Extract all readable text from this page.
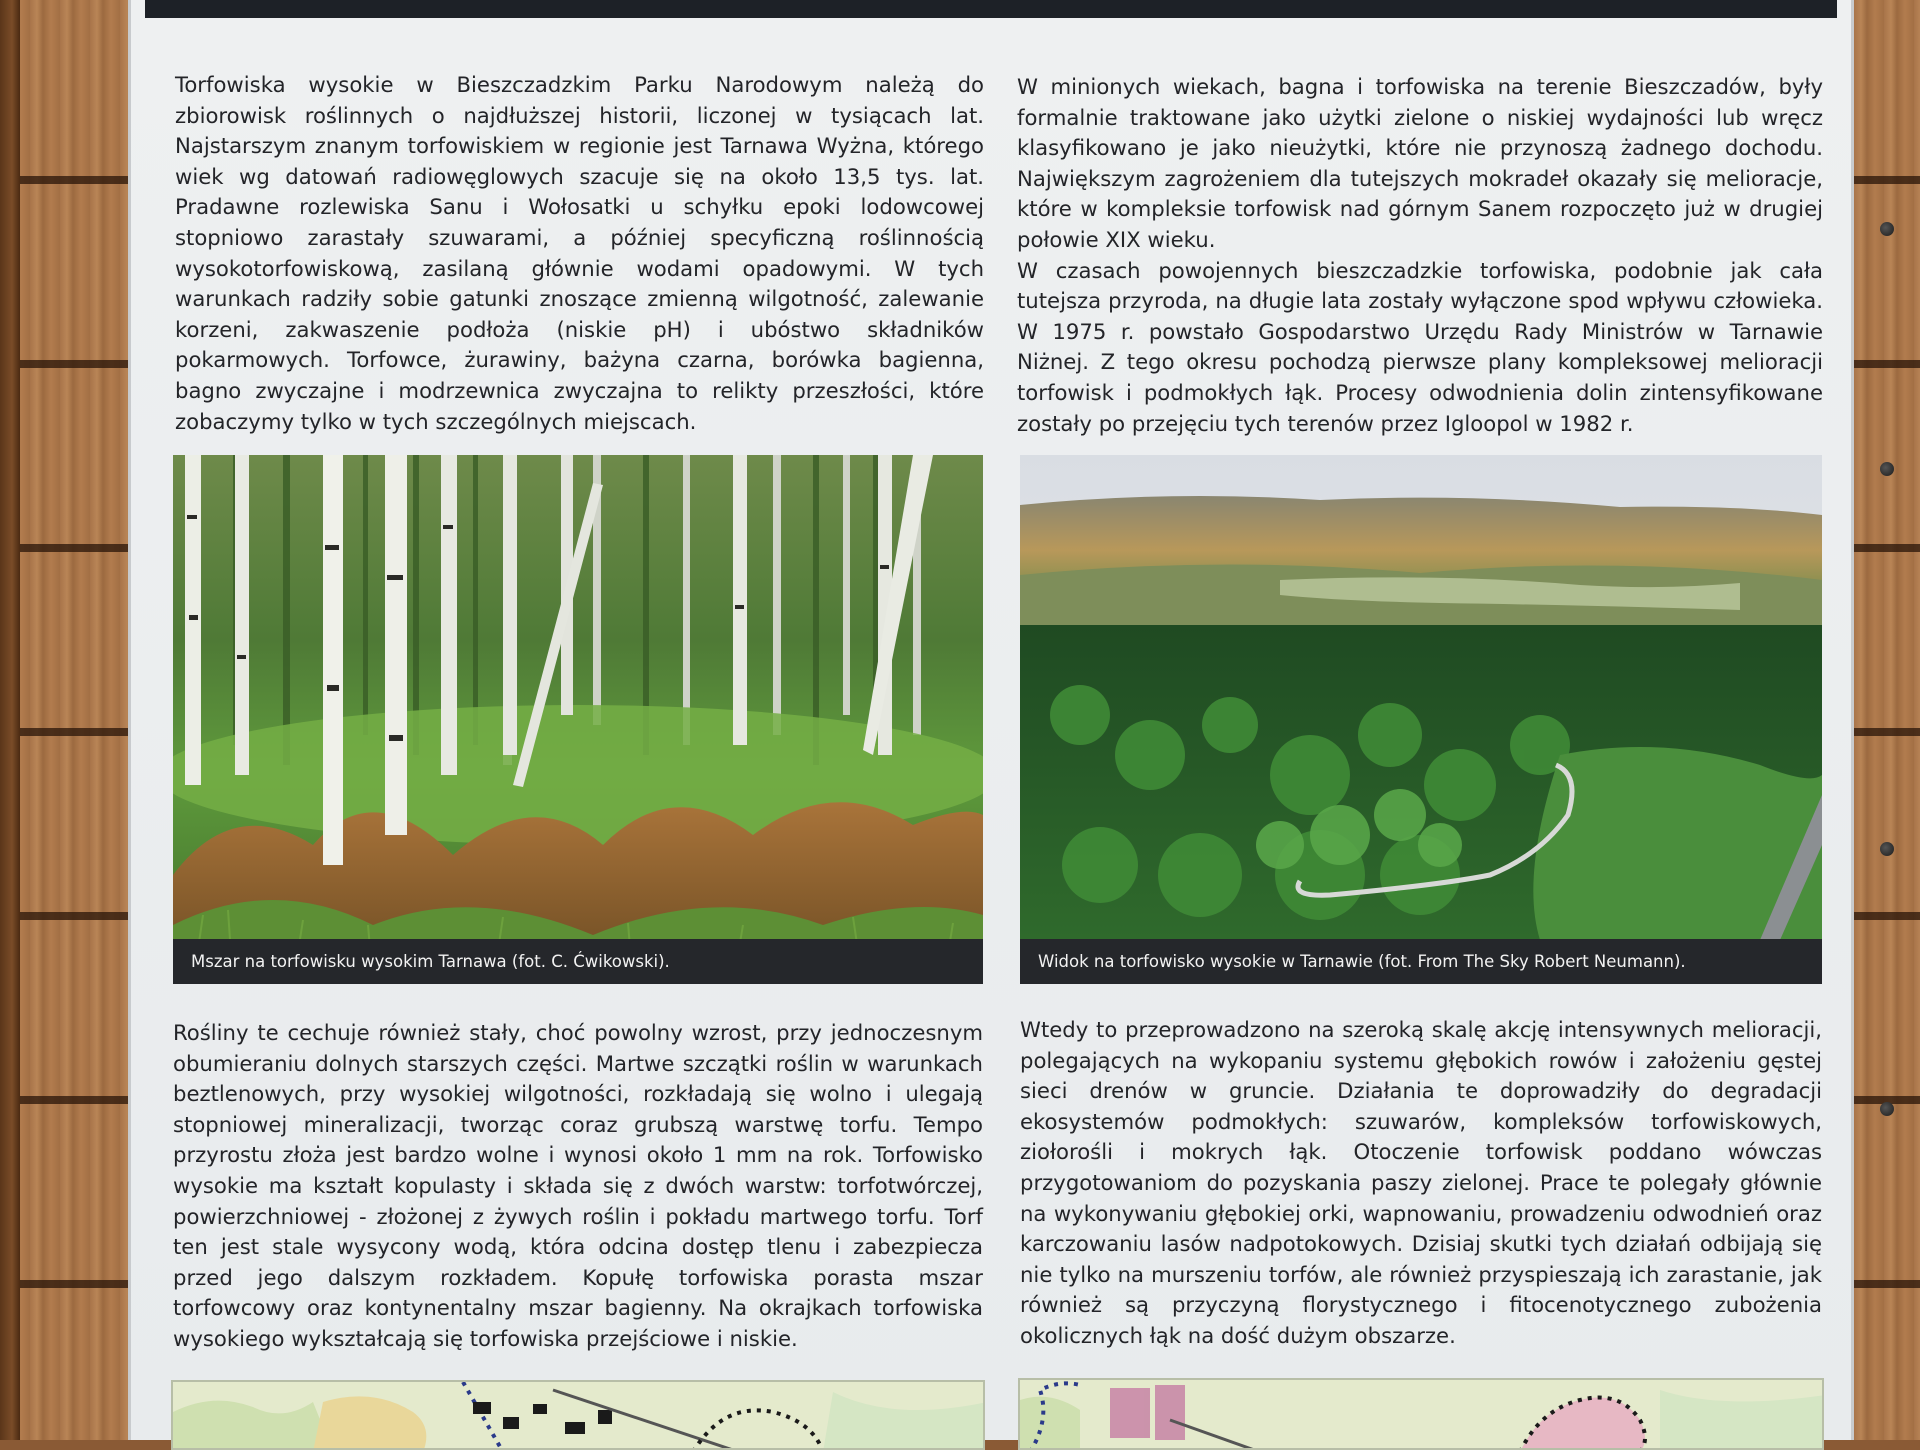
Torfowiska wysokie w Bieszczadzkim Parku Narodowym należą do zbiorowisk roślinnych o najdłuższej historii, liczonej w tysiącach lat. Najstarszym znanym torfowiskiem w regionie jest Tarnawa Wyżna, którego wiek wg datowań radiowęglowych szacuje się na około 13,5 tys. lat. Pradawne rozlewiska Sanu i Wołosatki u schyłku epoki lodowcowej stopniowo zarastały szuwarami, a później specyficzną roślinnością wysokotorfowiskową, zasilaną głównie wodami opadowymi. W tych warunkach radziły sobie gatunki znoszące zmienną wilgotność, zalewanie korzeni, zakwaszenie podłoża (niskie pH) i ubóstwo składników pokarmowych. Torfowce, żurawiny, bażyna czarna, borówka bagienna, bagno zwyczajne i modrzewnica zwyczajna to relikty przeszłości, które zobaczymy tylko w tych szczególnych miejscach.

W minionych wiekach, bagna i torfowiska na terenie Bieszczadów, były formalnie traktowane jako użytki zielone o niskiej wydajności lub wręcz klasyfikowano je jako nieużytki, które nie przynoszą żadnego dochodu. Największym zagrożeniem dla tutejszych mokradeł okazały się melioracje, które w kompleksie torfowisk nad górnym Sanem rozpoczęto już w drugiej połowie XIX wieku.

W czasach powojennych bieszczadzkie torfowiska, podobnie jak cała tutejsza przyroda, na długie lata zostały wyłączone spod wpływu człowieka. W 1975 r. powstało Gospodarstwo Urzędu Rady Ministrów w Tarnawie Niżnej. Z tego okresu pochodzą pierwsze plany kompleksowej melioracji torfowisk i podmokłych łąk. Procesy odwodnienia dolin zintensyfikowane zostały po przejęciu tych terenów przez Igloopol w 1982 r.

Mszar na torfowisku wysokim Tarnawa (fot. C. Ćwikowski).	Widok na torfowisko wysokie w Tarnawie (fot. From The Sky Robert Neumann).

Rośliny te cechuje również stały, choć powolny wzrost, przy jednoczesnym obumieraniu dolnych starszych części. Martwe szczątki roślin w warunkach beztlenowych, przy wysokiej wilgotności, rozkładają się wolno i ulegają stopniowej mineralizacji, tworząc coraz grubszą warstwę torfu. Tempo przyrostu złoża jest bardzo wolne i wynosi około 1 mm na rok. Torfowisko wysokie ma kształt kopulasty i składa się z dwóch warstw: torfotwórczej, powierzchniowej - złożonej z żywych roślin i pokładu martwego torfu. Torf ten jest stale wysycony wodą, która odcina dostęp tlenu i zabezpiecza przed jego dalszym rozkładem. Kopułę torfowiska porasta mszar torfowcowy oraz kontynentalny mszar bagienny. Na okrajkach torfowiska wysokiego wykształcają się torfowiska przejściowe i niskie.

Wtedy to przeprowadzono na szeroką skalę akcję intensywnych melioracji, polegających na wykopaniu systemu głębokich rowów i założeniu gęstej sieci drenów w gruncie. Działania te doprowadziły do degradacji ekosystemów podmokłych: szuwarów, kompleksów torfowiskowych, ziołorośli i mokrych łąk. Otoczenie torfowisk poddano wówczas przygotowaniom do pozyskania paszy zielonej. Prace te polegały głównie na wykonywaniu głębokiej orki, wapnowaniu, prowadzeniu odwodnień oraz karczowaniu lasów nadpotokowych. Dzisiaj skutki tych działań odbijają się nie tylko na murszeniu torfów, ale również przyspieszają ich zarastanie, jak również są przyczyną florystycznego i fitocenotycznego zubożenia okolicznych łąk na dość dużym obszarze.
